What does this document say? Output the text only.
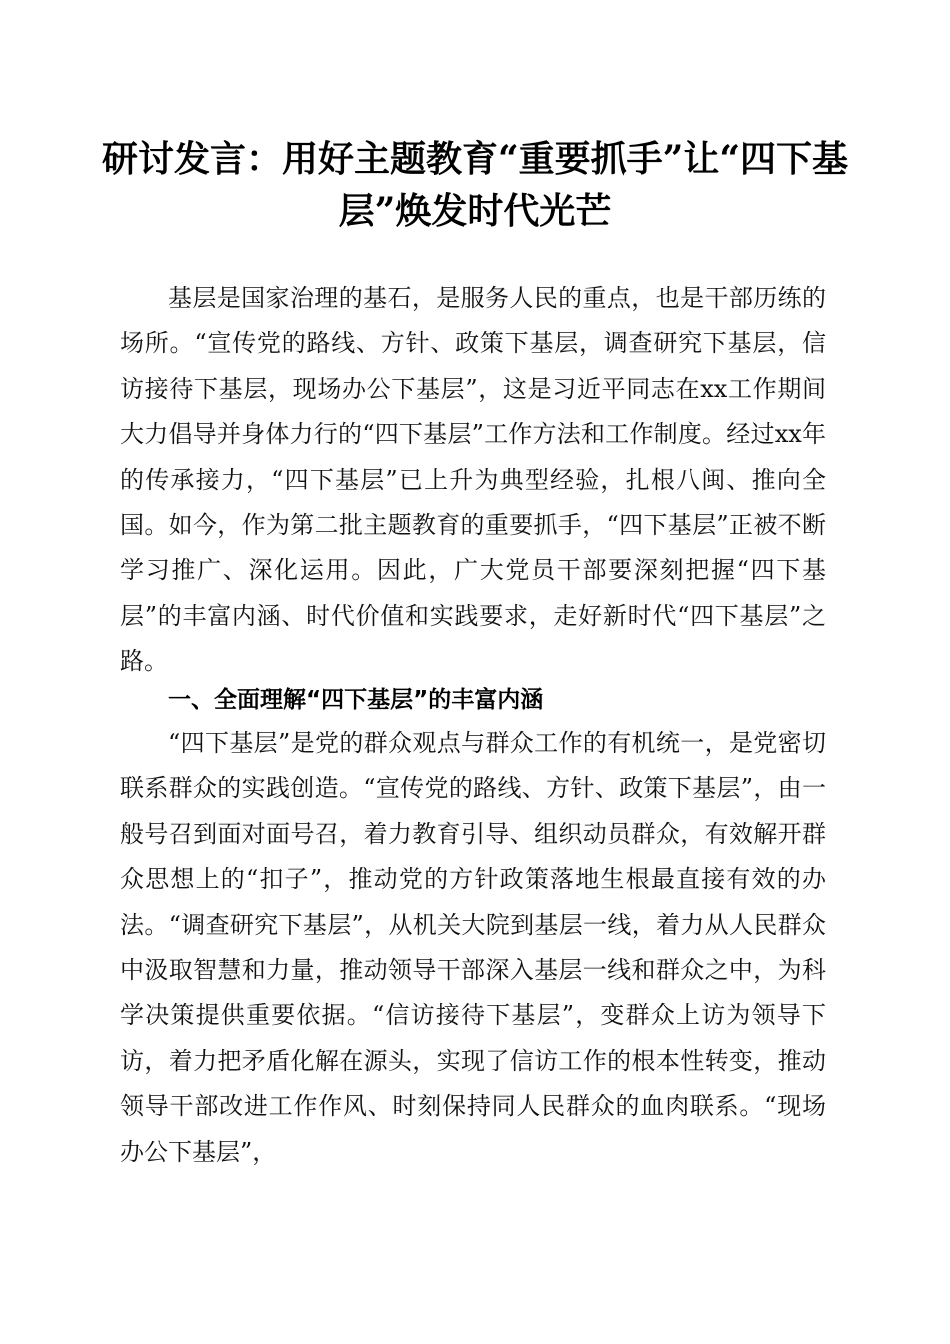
研讨发言：用好主题教育“重要抓手”让“四下基层”焕发时代光芒

基层是国家治理的基石，是服务人民的重点，也是干部历练的场所。“宣传党的路线、方针、政策下基层，调查研究下基层，信访接待下基层，现场办公下基层”，这是习近平同志在xx工作期间大力倡导并身体力行的“四下基层”工作方法和工作制度。经过xx年的传承接力，“四下基层”已上升为典型经验，扎根八闽、推向全国。如今，作为第二批主题教育的重要抓手，“四下基层”正被不断学习推广、深化运用。因此，广大党员干部要深刻把握“四下基层”的丰富内涵、时代价值和实践要求，走好新时代“四下基层”之路。

一、全面理解“四下基层”的丰富内涵

“四下基层”是党的群众观点与群众工作的有机统一，是党密切联系群众的实践创造。“宣传党的路线、方针、政策下基层”，由一般号召到面对面号召，着力教育引导、组织动员群众，有效解开群众思想上的“扣子”，推动党的方针政策落地生根最直接有效的办法。“调查研究下基层”，从机关大院到基层一线，着力从人民群众中汲取智慧和力量，推动领导干部深入基层一线和群众之中，为科学决策提供重要依据。“信访接待下基层”，变群众上访为领导下访，着力把矛盾化解在源头，实现了信访工作的根本性转变，推动领导干部改进工作作风、时刻保持同人民群众的血肉联系。“现场办公下基层”，
